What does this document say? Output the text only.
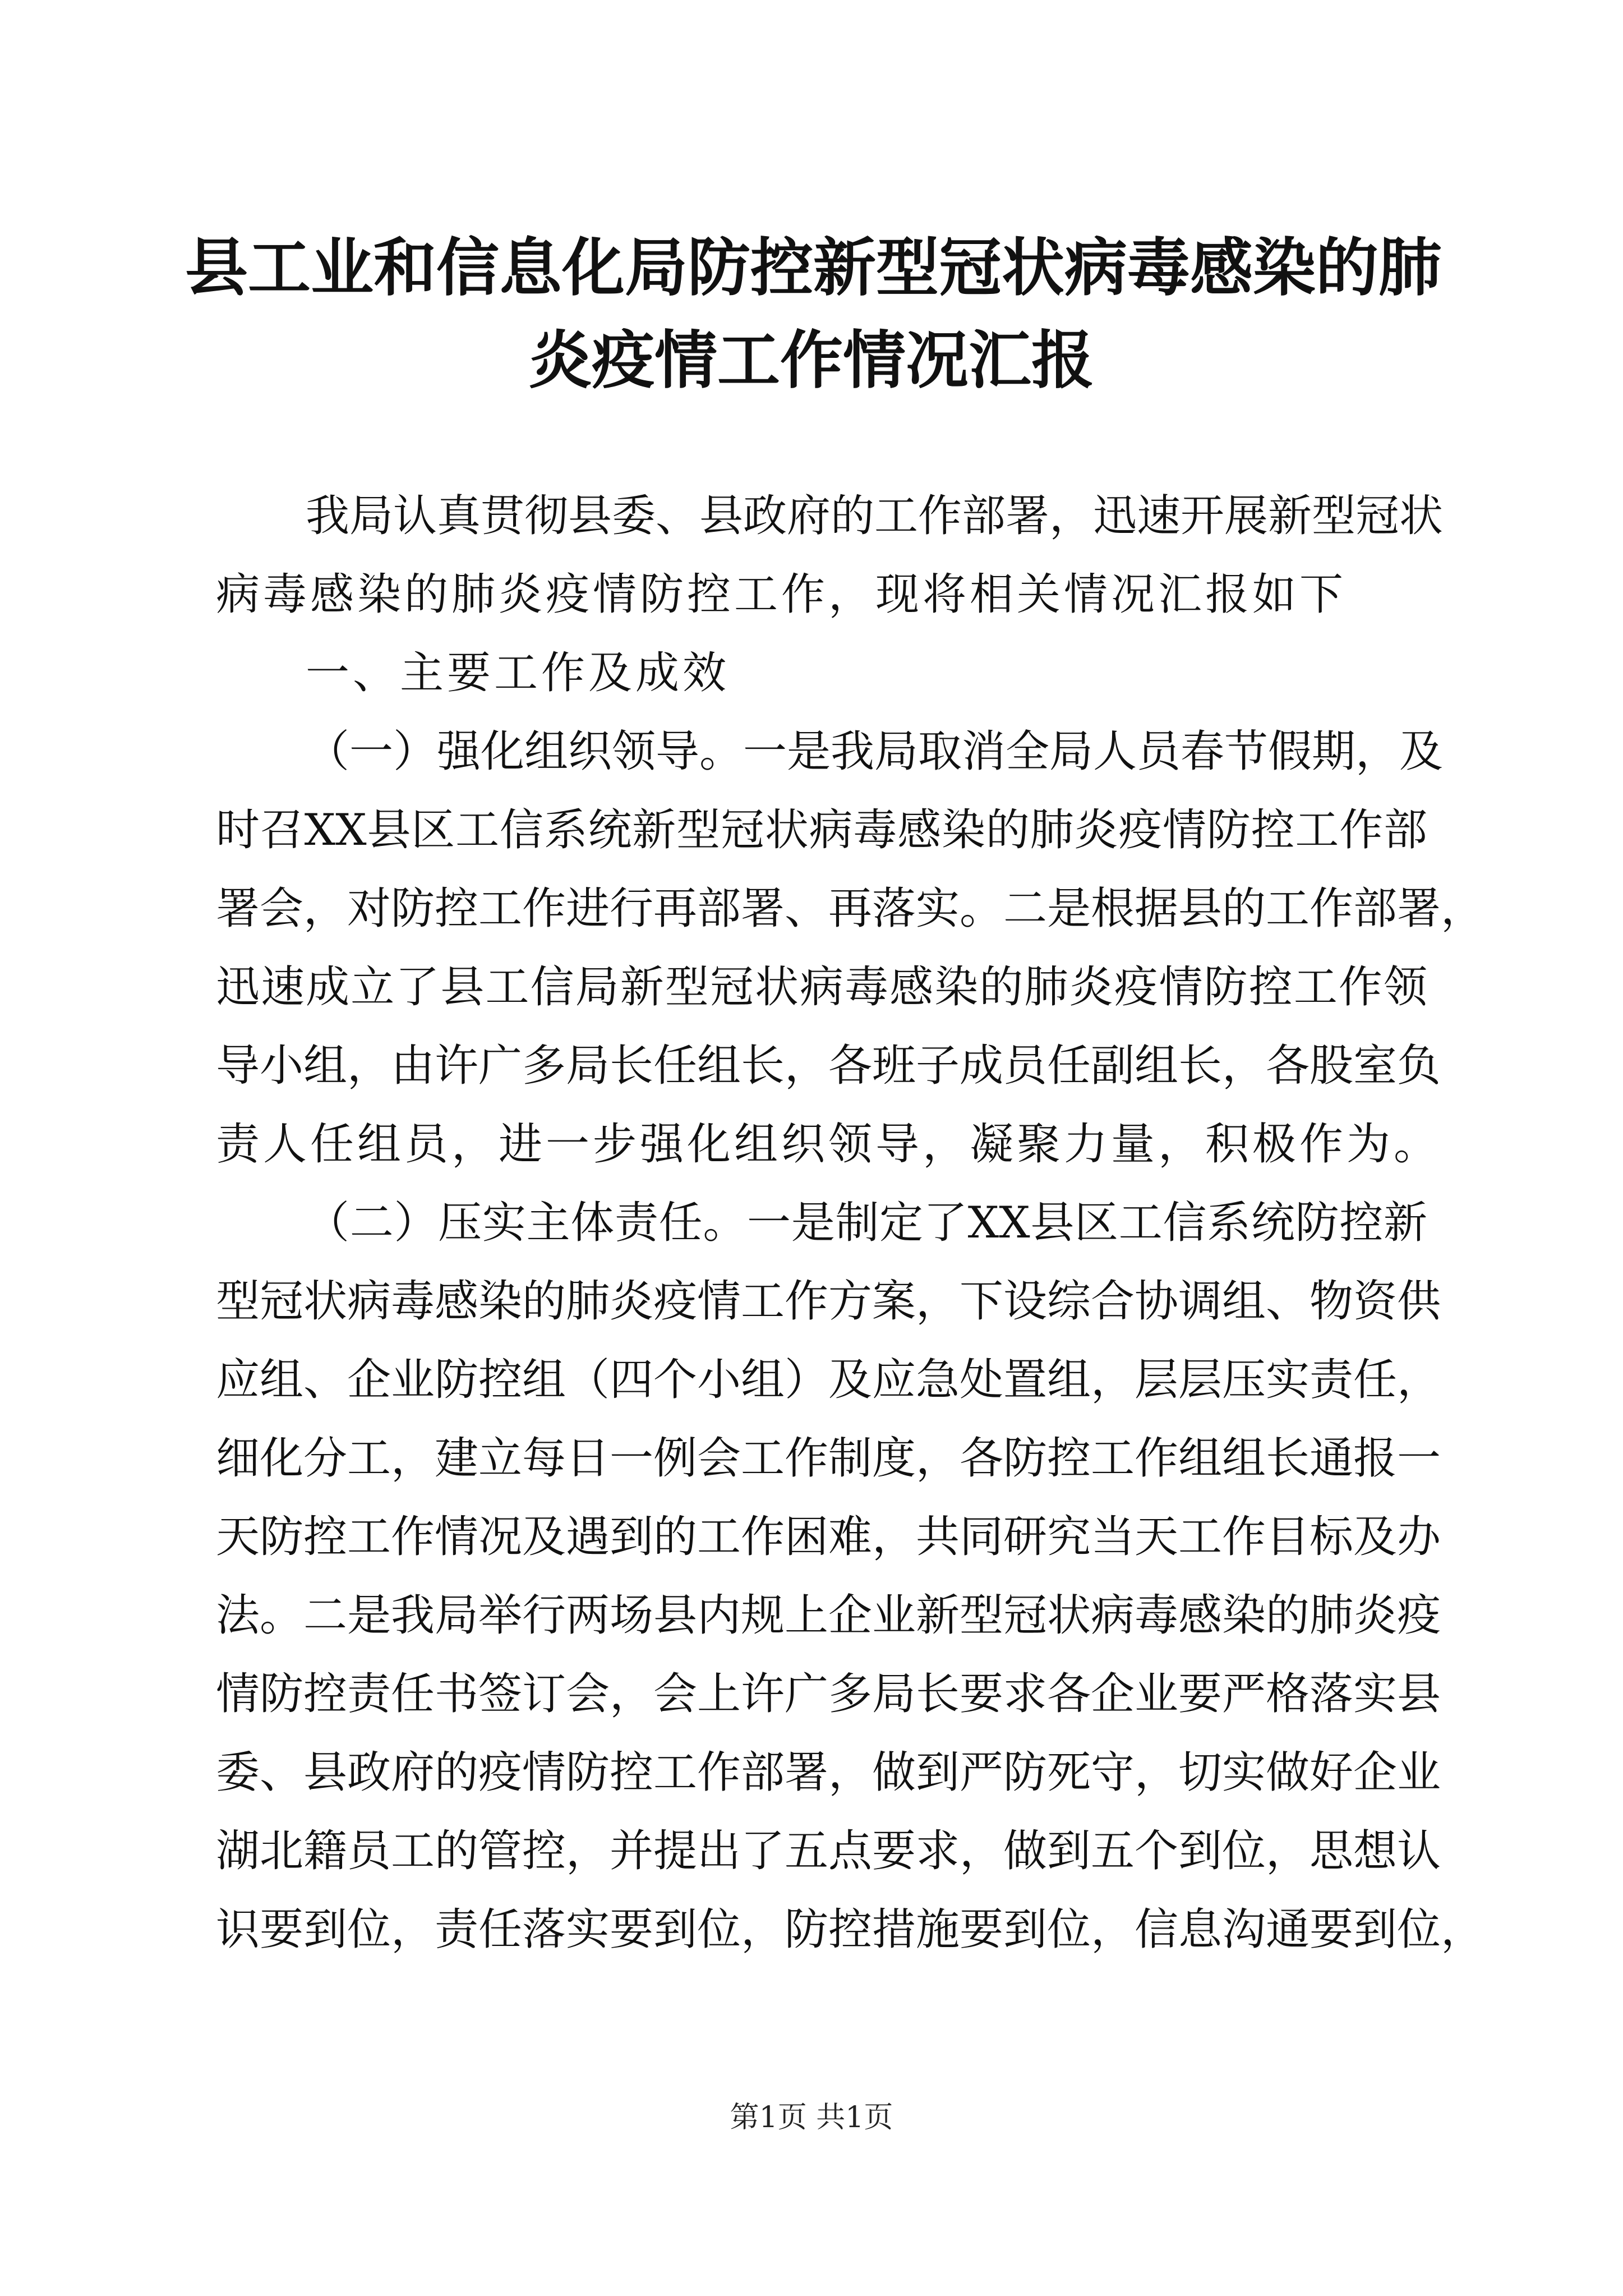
县工业和信息化局防控新型冠状病毒感染的肺
炎疫情工作情况汇报
我局认真贯彻县委、县政府的工作部署，迅速开展新型冠状
病毒感染的肺炎疫情防控工作，现将相关情况汇报如下
一、主要工作及成效
（一）强化组织领导。一是我局取消全局人员春节假期，及
时召XX县区工信系统新型冠状病毒感染的肺炎疫情防控工作部
署会，对防控工作进行再部署、再落实。二是根据县的工作部署，
迅速成立了县工信局新型冠状病毒感染的肺炎疫情防控工作领
导小组，由许广多局长任组长，各班子成员任副组长，各股室负
责人任组员，进一步强化组织领导，凝聚力量，积极作为。
（二）压实主体责任。一是制定了XX县区工信系统防控新
型冠状病毒感染的肺炎疫情工作方案，下设综合协调组、物资供
应组、企业防控组（四个小组）及应急处置组，层层压实责任，
细化分工，建立每日一例会工作制度，各防控工作组组长通报一
天防控工作情况及遇到的工作困难，共同研究当天工作目标及办
法。二是我局举行两场县内规上企业新型冠状病毒感染的肺炎疫
情防控责任书签订会，会上许广多局长要求各企业要严格落实县
委、县政府的疫情防控工作部署，做到严防死守，切实做好企业
湖北籍员工的管控，并提出了五点要求，做到五个到位，思想认
识要到位，责任落实要到位，防控措施要到位，信息沟通要到位，
第1页 共1页
